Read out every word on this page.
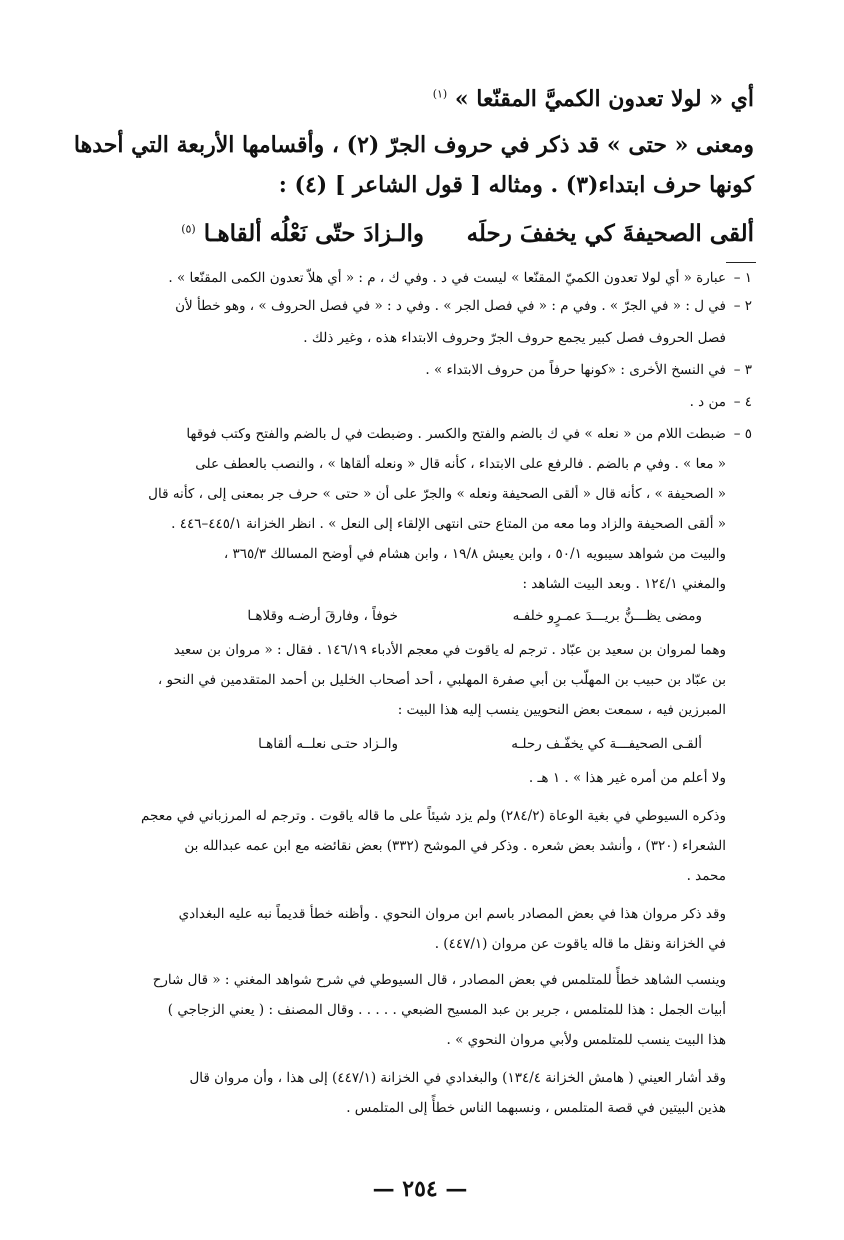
أي « لولا تعدون الكميَّ المقنّعا » $^{(١)}$
ومعنى « حتى » قد ذكر في حروف الجرّ (٢) ، وأقسامها الأربعة التي أحدها
كونها حرف ابتداء(٣) . ومثاله [ قول الشاعر ] (٤) :
ألقى الصحيفةَ كي يخففَ رحلَه
والـزادَ حتّى نَعْلُه ألقاهـا $^{(٥)}$
١ –
عبارة « أي لولا تعدون الكميّ المقنّعا » ليست في د . وفي ك ، م : « أي هلاّ تعدون الكمى المقنّعا » .
٢ –
في ل : « في الجرّ » . وفي م : « في فصل الجر » . وفي د : « في فصل الحروف » ، وهو خطأ لأن
فصل الحروف فصل كبير يجمع حروف الجرّ وحروف الابتداء هذه ، وغير ذلك .
٣ –
في النسخ الأخرى : «كونها حرفاً من حروف الابتداء » .
٤ –
من د .
٥ –
ضبطت اللام من « نعله » في ك بالضم والفتح والكسر . وضبطت في ل بالضم والفتح وكتب فوقها
« معا » . وفي م بالضم . فالرفع على الابتداء ، كأنه قال « ونعله ألقاها » ، والنصب بالعطف على
« الصحيفة » ، كأنه قال « ألقى الصحيفة ونعله » والجرّ على أن « حتى » حرف جر بمعنى إلى ، كأنه قال
« ألقى الصحيفة والزاد وما معه من المتاع حتى انتهى الإلقاء إلى النعل » . انظر الخزانة ٤٤٥/١–٤٤٦ .
والبيت من شواهد سيبويه ٥٠/١ ، وابن يعيش ١٩/٨ ، وابن هشام في أوضح المسالك ٣٦٥/٣ ،
والمغني ١٢٤/١ . وبعد البيت الشاهد :
ومضى يظـــنُّ بريـــدَ عمـرٍو خلفـه
خوفاً ، وفارقَ أرضـه وقلاهـا
وهما لمروان بن سعيد بن عبّاد . ترجم له ياقوت في معجم الأدباء ١٤٦/١٩ . فقال : « مروان بن سعيد
بن عبّاد بن حبيب بن المهلّب بن أبي صفرة المهلبي ، أحد أصحاب الخليل بن أحمد المتقدمين في النحو ،
المبرزين فيه ، سمعت بعض النحويين ينسب إليه هذا البيت :
ألقـى الصحيفـــة كي يخفّـف رحلـه
والـزاد حتـى نعلــه ألقاهـا
ولا أعلم من أمره غير هذا » . ١ هـ .
وذكره السيوطي في بغية الوعاة (٢٨٤/٢) ولم يزد شيئاً على ما قاله ياقوت . وترجم له المرزباني في معجم
الشعراء (٣٢٠) ، وأنشد بعض شعره . وذكر في الموشح (٣٣٢) بعض نقائضه مع ابن عمه عبدالله بن
محمد .
وقد ذكر مروان هذا في بعض المصادر باسم ابن مروان النحوي . وأظنه خطأ قديماً نبه عليه البغدادي
في الخزانة ونقل ما قاله ياقوت عن مروان (٤٤٧/١) .
وينسب الشاهد خطأً للمتلمس في بعض المصادر ، قال السيوطي في شرح شواهد المغني : « قال شارح
أبيات الجمل : هذا للمتلمس ، جرير بن عبد المسيح الضبعي . . . . . وقال المصنف : ( يعني الزجاجي )
هذا البيت ينسب للمتلمس ولأبي مروان النحوي » .
وقد أشار العيني ( هامش الخزانة ١٣٤/٤) والبغدادي في الخزانة (٤٤٧/١) إلى هذا ، وأن مروان قال
هذين البيتين في قصة المتلمس ، ونسبهما الناس خطأً إلى المتلمس .
— ٢٥٤ —
